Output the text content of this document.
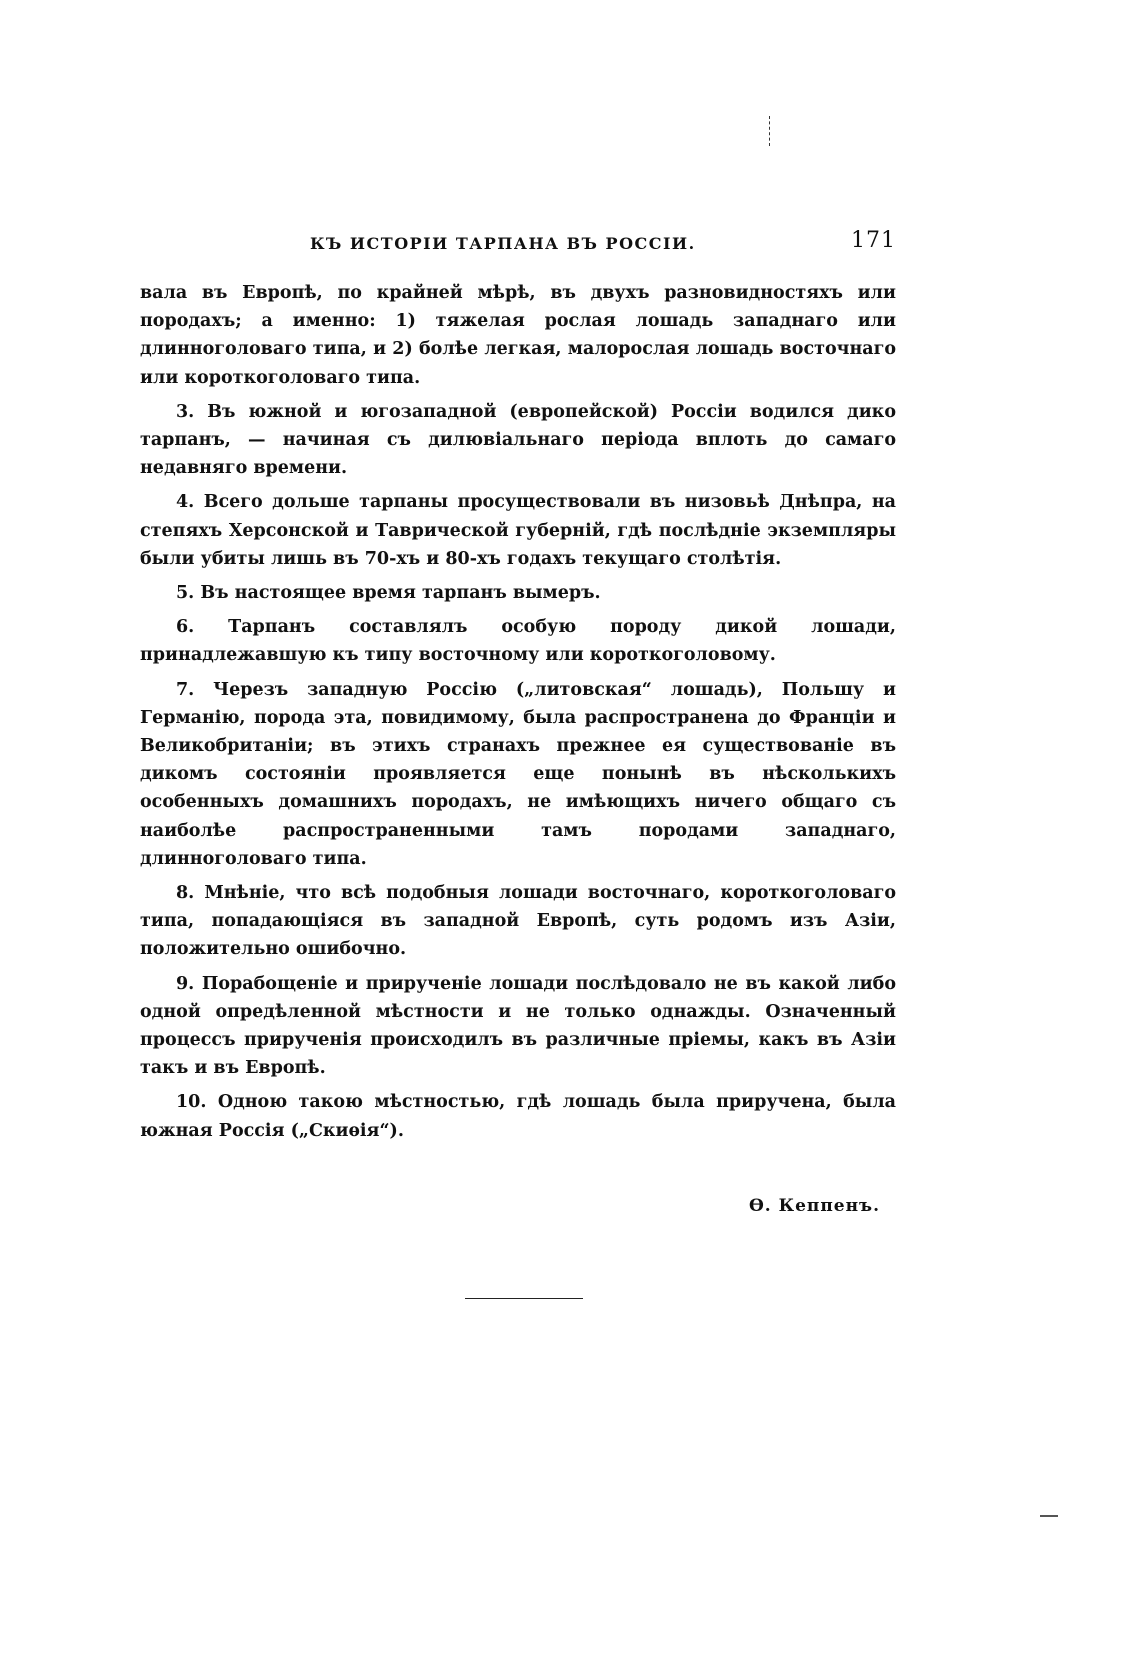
КЪ ИСТОРІИ ТАРПАНА ВЪ РОССІИ.	171

вала въ Европѣ, по крайней мѣрѣ, въ двухъ разновидностяхъ или породахъ; а именно: 1) тяжелая рослая лошадь западнаго или длинноголоваго типа, и 2) болѣе легкая, малорослая лошадь восточнаго или короткоголоваго типа.

3. Въ южной и югозападной (европейской) Россіи водился дико тарпанъ, — начиная съ дилювіальнаго періода вплоть до самаго недавняго времени.

4. Всего дольше тарпаны просуществовали въ низовьѣ Днѣпра, на степяхъ Херсонской и Таврической губерній, гдѣ послѣдніе экземпляры были убиты лишь въ 70-хъ и 80-хъ годахъ текущаго столѣтія.

5. Въ настоящее время тарпанъ вымеръ.

6. Тарпанъ составлялъ особую породу дикой лошади, принадлежавшую къ типу восточному или короткоголовому.

7. Черезъ западную Россію („литовская“ лошадь), Польшу и Германію, порода эта, повидимому, была распространена до Франціи и Великобританіи; въ этихъ странахъ прежнее ея существованіе въ дикомъ состояніи проявляется еще понынѣ въ нѣсколькихъ особенныхъ домашнихъ породахъ, не имѣющихъ ничего общаго съ наиболѣе распространенными тамъ породами западнаго, длинноголоваго типа.

8. Мнѣніе, что всѣ подобныя лошади восточнаго, короткоголоваго типа, попадающіяся въ западной Европѣ, суть родомъ изъ Азіи, положительно ошибочно.

9. Порабощеніе и прирученіе лошади послѣдовало не въ какой либо одной опредѣленной мѣстности и не только однажды. Означенный процессъ прирученія происходилъ въ различные пріемы, какъ въ Азіи такъ и въ Европѣ.

10. Одною такою мѣстностью, гдѣ лошадь была приручена, была южная Россія („Скиѳія“).

Ѳ. Кеппенъ.
